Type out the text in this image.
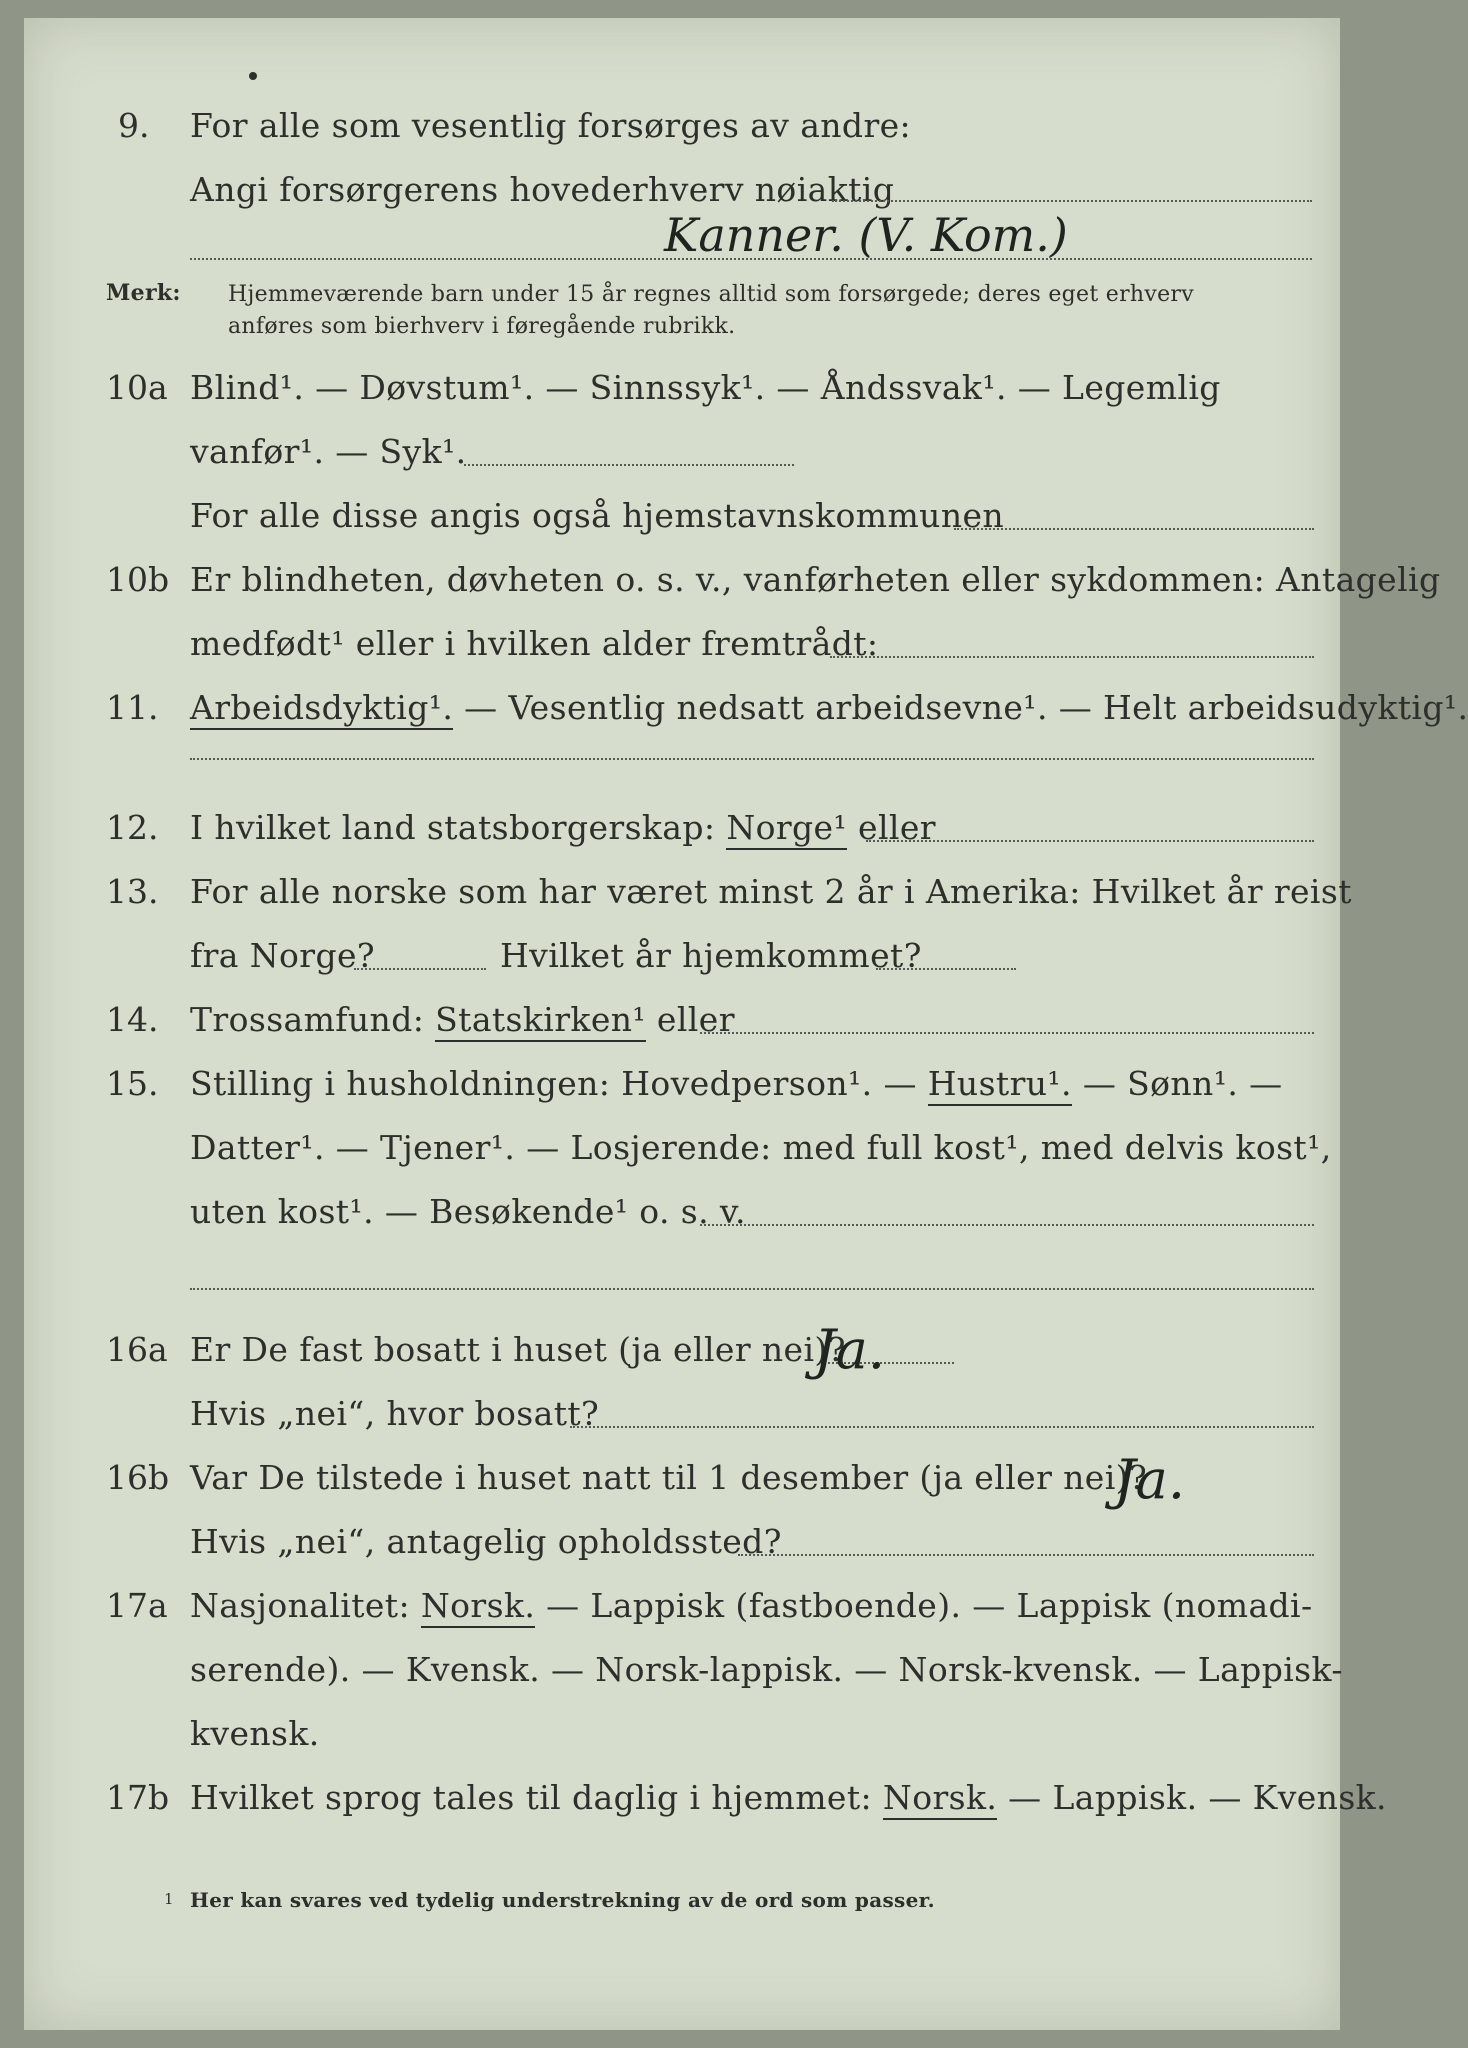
9. For alle som vesentlig forsørges av andre:
Angi forsørgerens hovederhverv nøiaktig
Kanner. (V. Kom.)
Merk: Hjemmeværende barn under 15 år regnes alltid som forsørgede; deres eget erhverv
anføres som bierhverv i føregående rubrikk.
10a Blind¹. — Døvstum¹. — Sinnssyk¹. — Åndssvak¹. — Legemlig
vanfør¹. — Syk¹.
For alle disse angis også hjemstavnskommunen
10b Er blindheten, døvheten o. s. v., vanførheten eller sykdommen: Antagelig
medfødt¹ eller i hvilken alder fremtrådt:
11. Arbeidsdyktig¹. — Vesentlig nedsatt arbeidsevne¹. — Helt arbeidsudyktig¹.
12. I hvilket land statsborgerskap: Norge¹ eller
13. For alle norske som har været minst 2 år i Amerika: Hvilket år reist
fra Norge?	Hvilket år hjemkommet?
14. Trossamfund: Statskirken¹ eller
15. Stilling i husholdningen: Hovedperson¹. — Hustru¹. — Sønn¹. —
Datter¹. — Tjener¹. — Losjerende: med full kost¹, med delvis kost¹,
uten kost¹. — Besøkende¹ o. s. v.
16a Er De fast bosatt i huset (ja eller nei)?
Ja.
Hvis „nei“, hvor bosatt?
16b Var De tilstede i huset natt til 1 desember (ja eller nei)?
Ja.
Hvis „nei“, antagelig opholdssted?
17a Nasjonalitet: Norsk. — Lappisk (fastboende). — Lappisk (nomadi-
serende). — Kvensk. — Norsk-lappisk. — Norsk-kvensk. — Lappisk-
kvensk.
17b Hvilket sprog tales til daglig i hjemmet: Norsk. — Lappisk. — Kvensk.
1 Her kan svares ved tydelig understrekning av de ord som passer.
